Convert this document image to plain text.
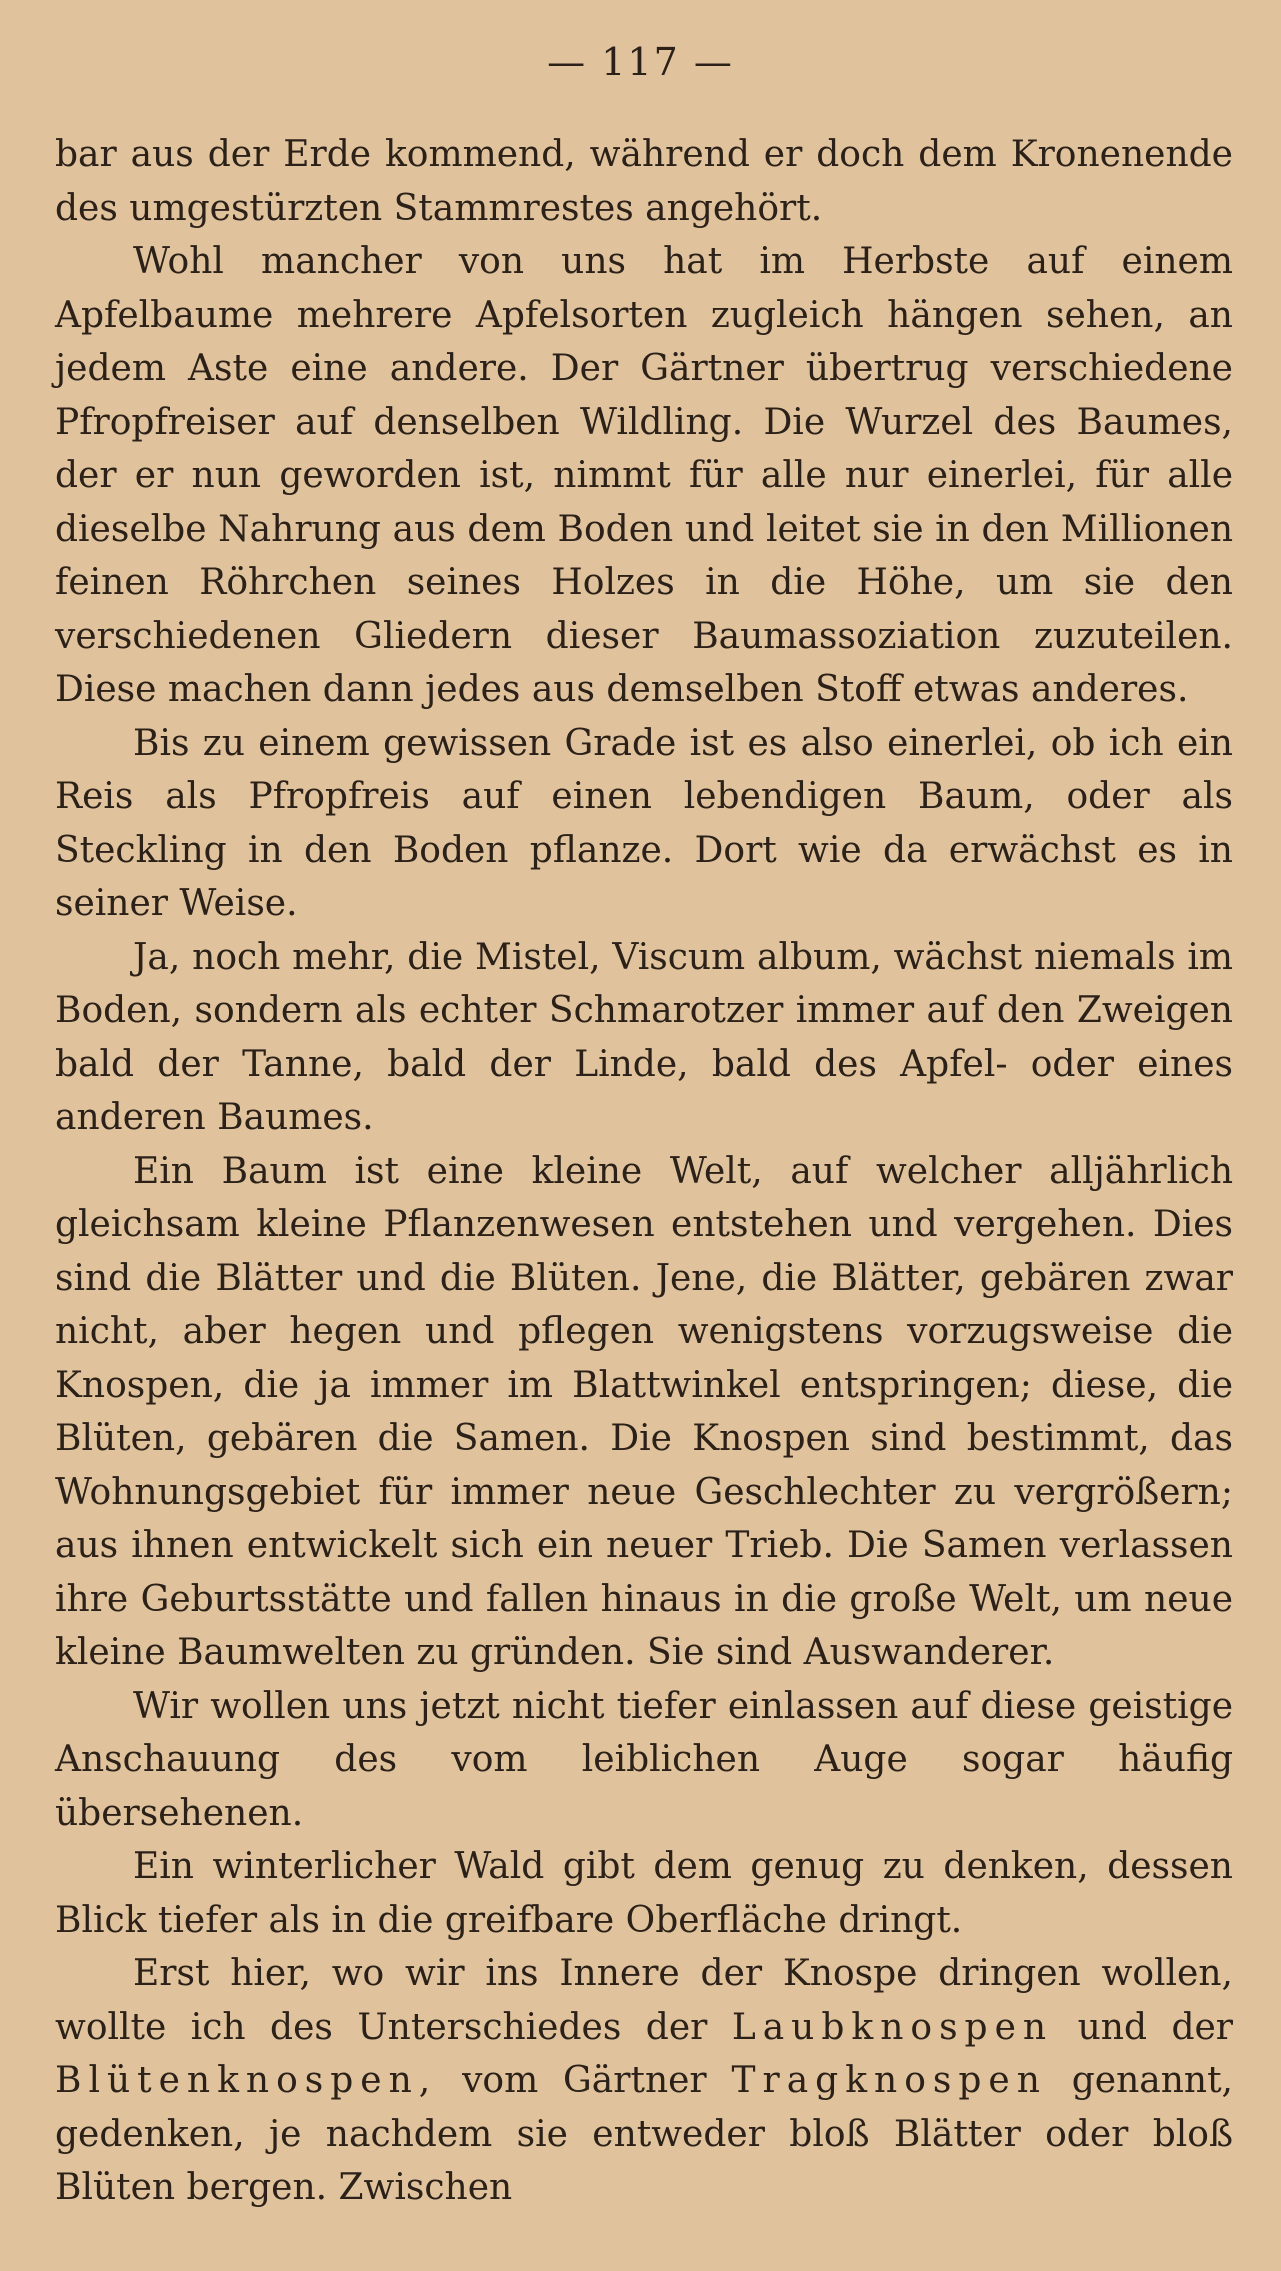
— 117 —

bar aus der Erde kommend, während er doch dem Kronenende des umgestürzten Stammrestes angehört.

Wohl mancher von uns hat im Herbste auf einem Apfelbaume mehrere Apfelsorten zugleich hängen sehen, an jedem Aste eine andere. Der Gärtner übertrug verschiedene Pfropfreiser auf denselben Wildling. Die Wurzel des Baumes, der er nun geworden ist, nimmt für alle nur einerlei, für alle dieselbe Nahrung aus dem Boden und leitet sie in den Millionen feinen Röhrchen seines Holzes in die Höhe, um sie den verschiedenen Gliedern dieser Baumassoziation zuzuteilen. Diese machen dann jedes aus demselben Stoff etwas anderes.

Bis zu einem gewissen Grade ist es also einerlei, ob ich ein Reis als Pfropfreis auf einen lebendigen Baum, oder als Steckling in den Boden pflanze. Dort wie da erwächst es in seiner Weise.

Ja, noch mehr, die Mistel, Viscum album, wächst niemals im Boden, sondern als echter Schmarotzer immer auf den Zweigen bald der Tanne, bald der Linde, bald des Apfel- oder eines anderen Baumes.

Ein Baum ist eine kleine Welt, auf welcher alljährlich gleichsam kleine Pflanzenwesen entstehen und vergehen. Dies sind die Blätter und die Blüten. Jene, die Blätter, gebären zwar nicht, aber hegen und pflegen wenigstens vorzugsweise die Knospen, die ja immer im Blattwinkel entspringen; diese, die Blüten, gebären die Samen. Die Knospen sind bestimmt, das Wohnungsgebiet für immer neue Geschlechter zu vergrößern; aus ihnen entwickelt sich ein neuer Trieb. Die Samen verlassen ihre Geburtsstätte und fallen hinaus in die große Welt, um neue kleine Baumwelten zu gründen. Sie sind Auswanderer.

Wir wollen uns jetzt nicht tiefer einlassen auf diese geistige Anschauung des vom leiblichen Auge sogar häufig übersehenen.

Ein winterlicher Wald gibt dem genug zu denken, dessen Blick tiefer als in die greifbare Oberfläche dringt.

Erst hier, wo wir ins Innere der Knospe dringen wollen, wollte ich des Unterschiedes der Laubknospen und der Blütenknospen, vom Gärtner Tragknospen genannt, gedenken, je nachdem sie entweder bloß Blätter oder bloß Blüten bergen. Zwischen
